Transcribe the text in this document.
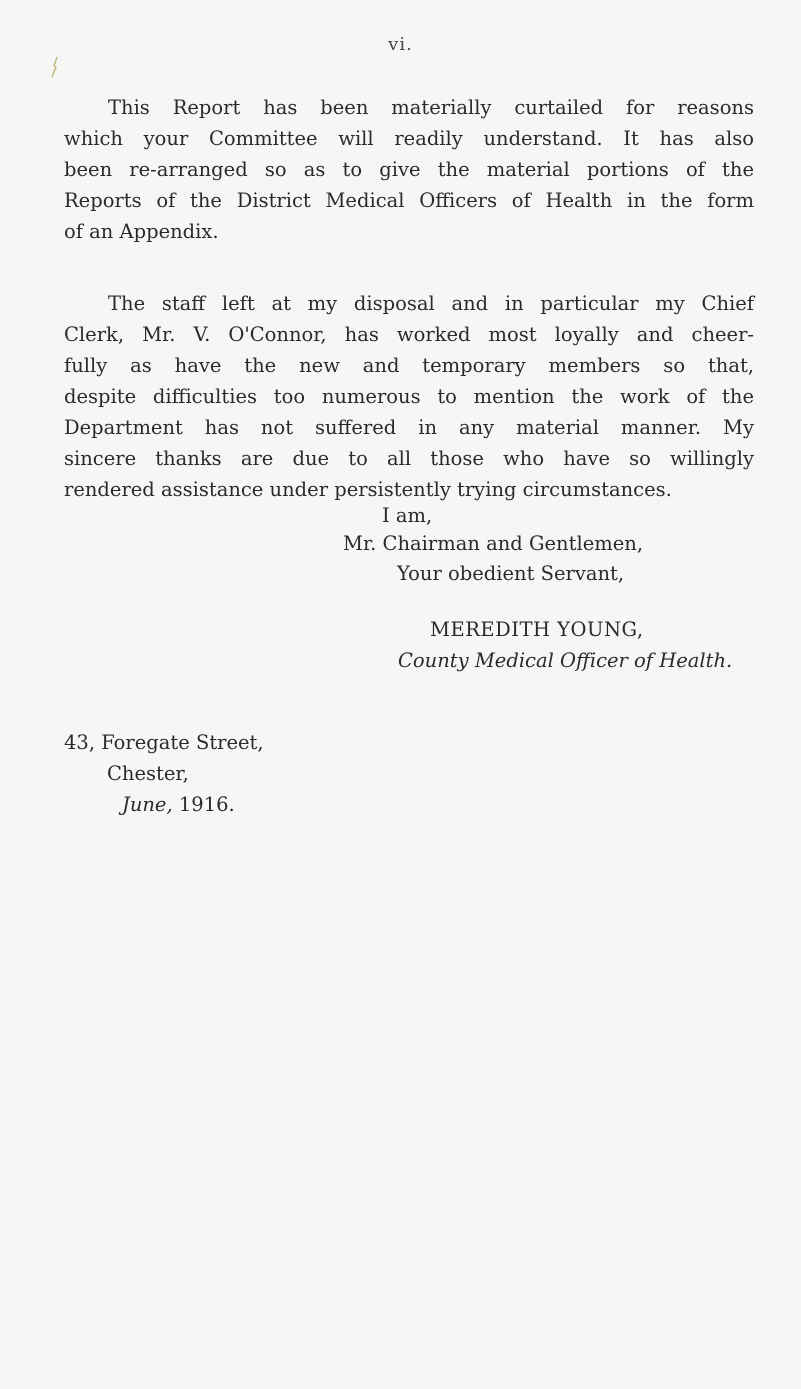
vi.

This Report has been materially curtailed for reasons
which your Committee will readily understand. It has also
been re-arranged so as to give the material portions of the
Reports of the District Medical Officers of Health in the form
of an Appendix.

The staff left at my disposal and in particular my Chief
Clerk, Mr. V. O'Connor, has worked most loyally and cheer-
fully as have the new and temporary members so that,
despite difficulties too numerous to mention the work of the
Department has not suffered in any material manner. My
sincere thanks are due to all those who have so willingly
rendered assistance under persistently trying circumstances.

I am,
Mr. Chairman and Gentlemen,
Your obedient Servant,
MEREDITH YOUNG,
County Medical Officer of Health.
43, Foregate Street,
Chester,
June, 1916.
